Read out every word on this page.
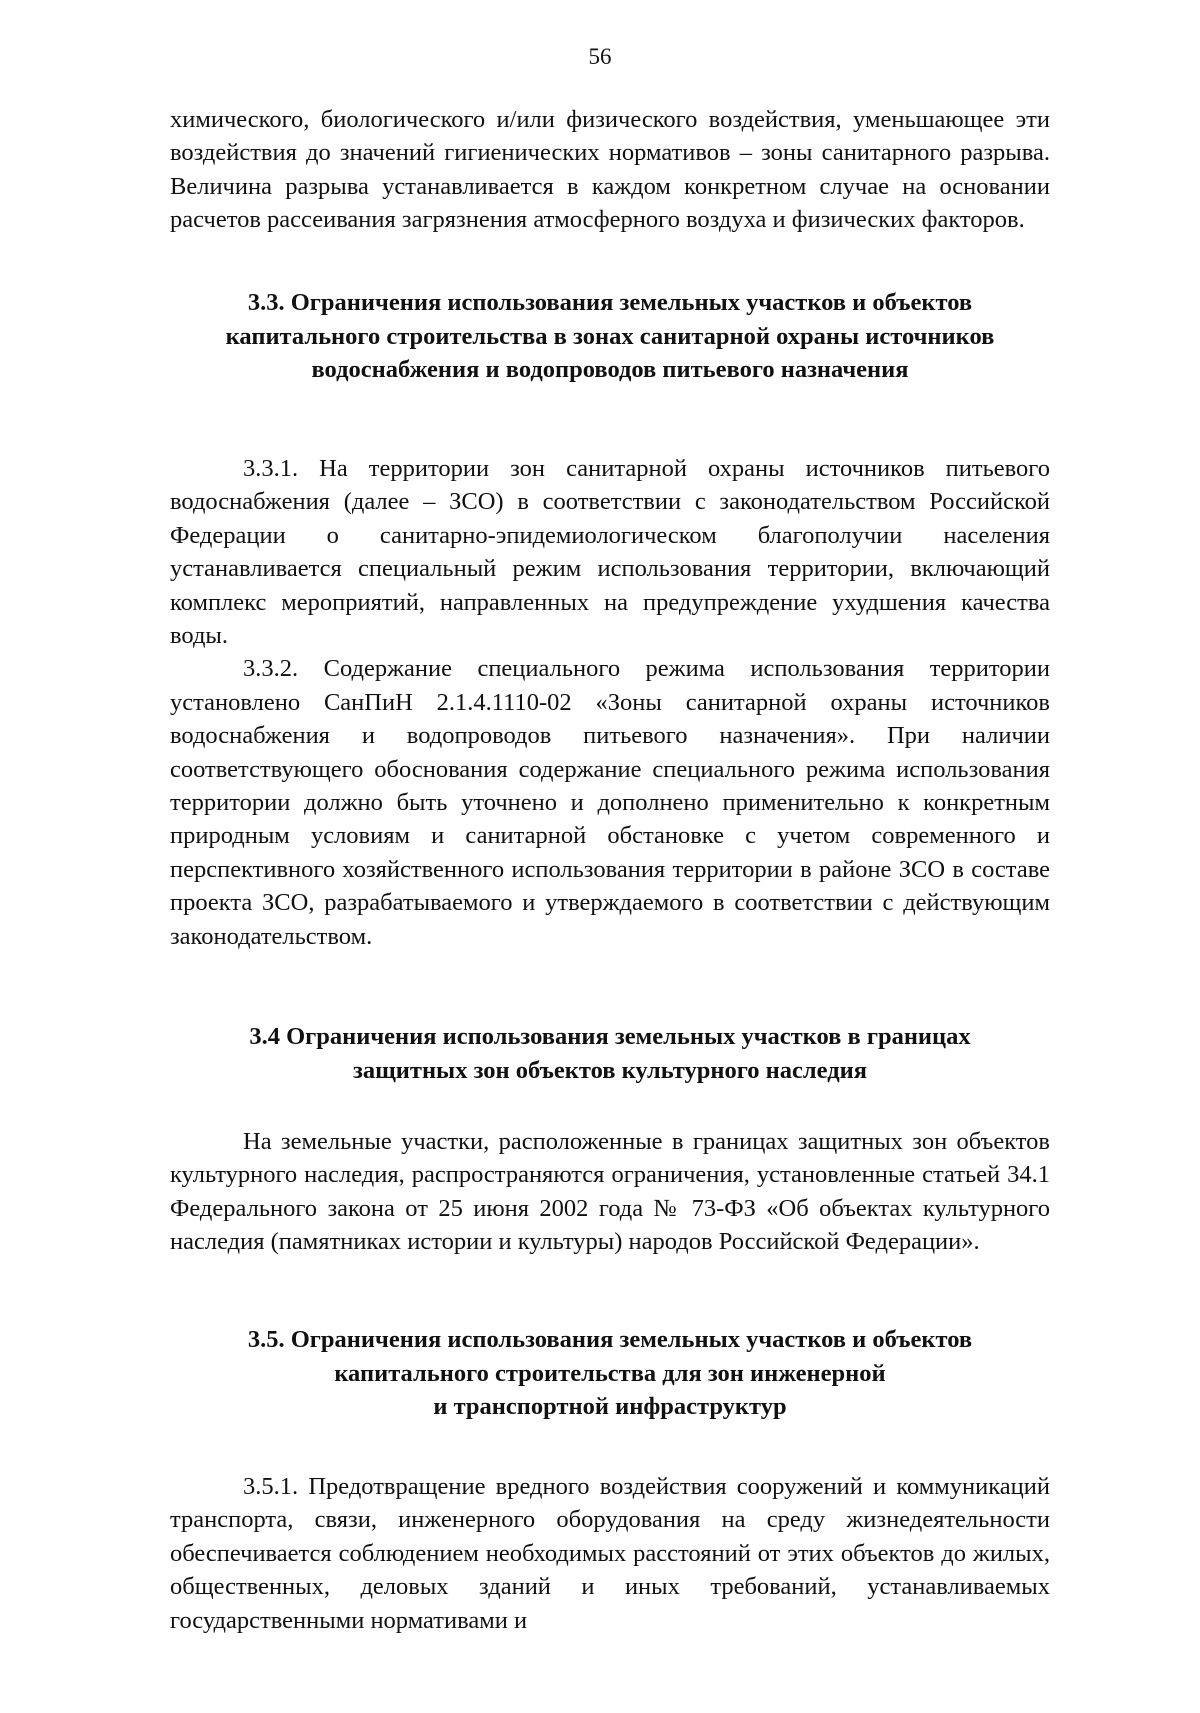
56

химического, биологического и/или физического воздействия, уменьшающее эти воздействия до значений гигиенических нормативов – зоны санитарного разрыва. Величина разрыва устанавливается в каждом конкретном случае на основании расчетов рассеивания загрязнения атмосферного воздуха и физических факторов.

3.3. Ограничения использования земельных участков и объектов
капитального строительства в зонах санитарной охраны источников
водоснабжения и водопроводов питьевого назначения

3.3.1. На территории зон санитарной охраны источников питьевого водоснабжения (далее – ЗСО) в соответствии с законодательством Российской Федерации о санитарно-эпидемиологическом благополучии населения устанавливается специальный режим использования территории, включающий комплекс мероприятий, направленных на предупреждение ухудшения качества воды.

3.3.2. Содержание специального режима использования территории установлено СанПиН 2.1.4.1110-02 «Зоны санитарной охраны источников водоснабжения и водопроводов питьевого назначения». При наличии соответствующего обоснования содержание специального режима использования территории должно быть уточнено и дополнено применительно к конкретным природным условиям и санитарной обстановке с учетом современного и перспективного хозяйственного использования территории в районе ЗСО в составе проекта ЗСО, разрабатываемого и утверждаемого в соответствии с действующим законодательством.

3.4 Ограничения использования земельных участков в границах
защитных зон объектов культурного наследия

На земельные участки, расположенные в границах защитных зон объектов культурного наследия, распространяются ограничения, установленные статьей 34.1 Федерального закона от 25 июня 2002 года № 73-ФЗ «Об объектах культурного наследия (памятниках истории и культуры) народов Российской Федерации».

3.5. Ограничения использования земельных участков и объектов
капитального строительства для зон инженерной
и транспортной инфраструктур

3.5.1. Предотвращение вредного воздействия сооружений и коммуникаций транспорта, связи, инженерного оборудования на среду жизнедеятельности обеспечивается соблюдением необходимых расстояний от этих объектов до жилых, общественных, деловых зданий и иных требований, устанавливаемых государственными нормативами и
